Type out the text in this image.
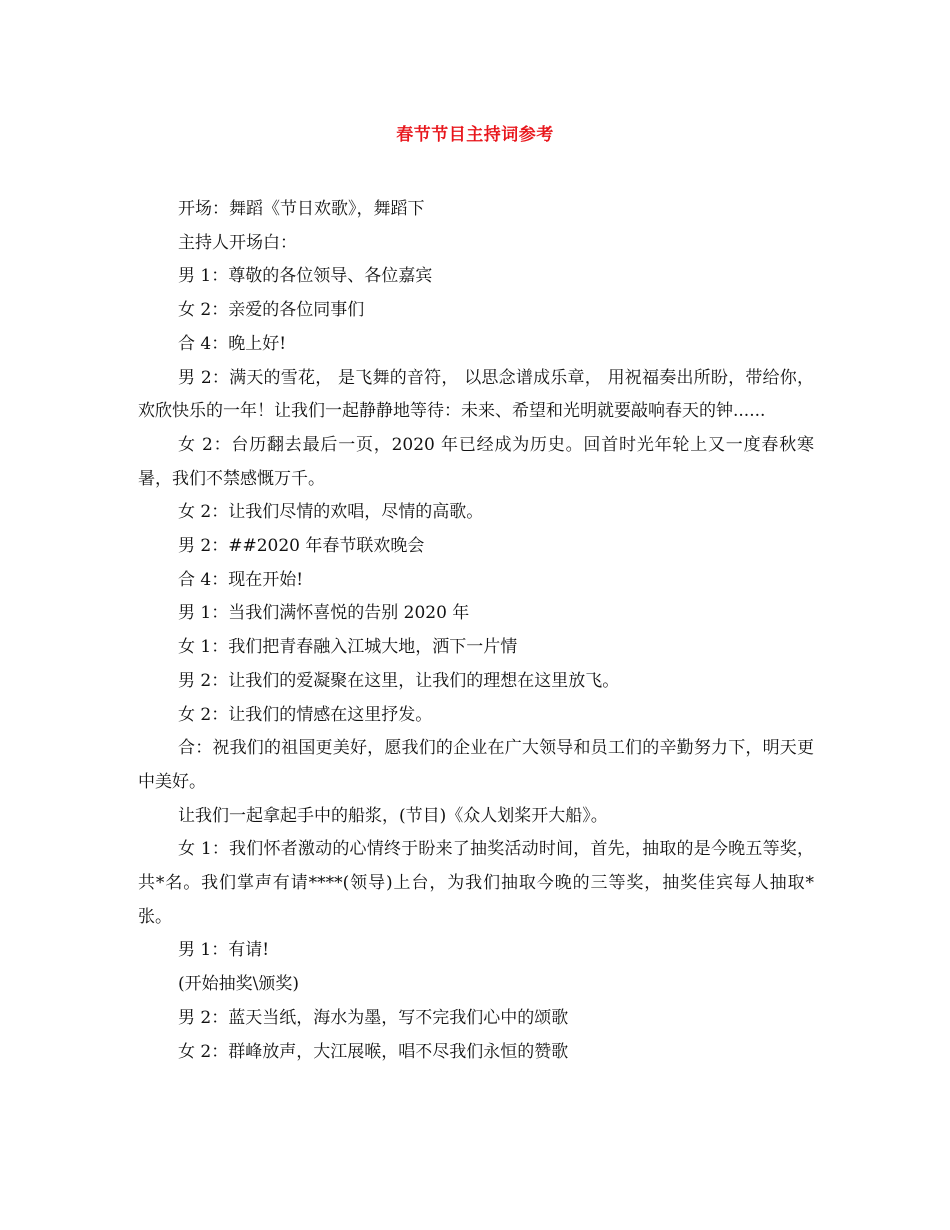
春节节目主持词参考

开场：舞蹈《节日欢歌》，舞蹈下

主持人开场白：

男 1：尊敬的各位领导、各位嘉宾

女 2：亲爱的各位同事们

合 4：晚上好!

男 2：满天的雪花， 是飞舞的音符， 以思念谱成乐章， 用祝福奏出所盼，带给你， 欢欣快乐的一年！让我们一起静静地等待：未来、希望和光明就要敲响春天的钟......

女 2：台历翻去最后一页，2020 年已经成为历史。回首时光年轮上又一度春秋寒暑，我们不禁感慨万千。

女 2：让我们尽情的欢唱，尽情的高歌。

男 2：##2020 年春节联欢晚会

合 4：现在开始!

男 1：当我们满怀喜悦的告别 2020 年

女 1：我们把青春融入江城大地，洒下一片情

男 2：让我们的爱凝聚在这里，让我们的理想在这里放飞。

女 2：让我们的情感在这里抒发。

合：祝我们的祖国更美好，愿我们的企业在广大领导和员工们的辛勤努力下，明天更中美好。

让我们一起拿起手中的船浆，(节目)《众人划桨开大船》。

女 1：我们怀者激动的心情终于盼来了抽奖活动时间，首先，抽取的是今晚五等奖，共*名。我们掌声有请****(领导)上台，为我们抽取今晚的三等奖，抽奖佳宾每人抽取*张。

男 1：有请!

(开始抽奖\颁奖)

男 2：蓝天当纸，海水为墨，写不完我们心中的颂歌

女 2：群峰放声，大江展喉，唱不尽我们永恒的赞歌
